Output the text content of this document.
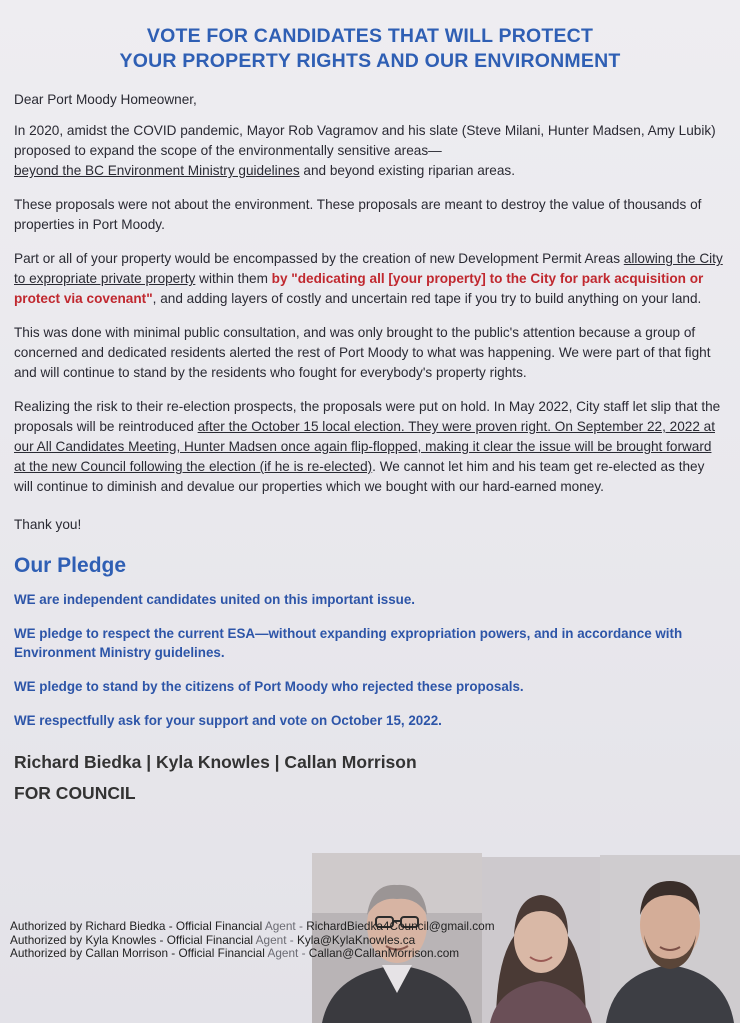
VOTE FOR CANDIDATES THAT WILL PROTECT
YOUR PROPERTY RIGHTS AND OUR ENVIRONMENT

Dear Port Moody Homeowner,

In 2020, amidst the COVID pandemic, Mayor Rob Vagramov and his slate (Steve Milani, Hunter Madsen, Amy Lubik) proposed to expand the scope of the environmentally sensitive areas—
beyond the BC Environment Ministry guidelines and beyond existing riparian areas.

These proposals were not about the environment. These proposals are meant to destroy the value of thousands of properties in Port Moody.

Part or all of your property would be encompassed by the creation of new Development Permit Areas allowing the City to expropriate private property within them by "dedicating all [your property] to the City for park acquisition or protect via covenant", and adding layers of costly and uncertain red tape if you try to build anything on your land.

This was done with minimal public consultation, and was only brought to the public's attention because a group of concerned and dedicated residents alerted the rest of Port Moody to what was happening. We were part of that fight and will continue to stand by the residents who fought for everybody's property rights.

Realizing the risk to their re-election prospects, the proposals were put on hold. In May 2022, City staff let slip that the proposals will be reintroduced after the October 15 local election. They were proven right. On September 22, 2022 at our All Candidates Meeting, Hunter Madsen once again flip-flopped, making it clear the issue will be brought forward at the new Council following the election (if he is re-elected). We cannot let him and his team get re-elected as they will continue to diminish and devalue our properties which we bought with our hard-earned money.

Thank you!

Our Pledge

WE are independent candidates united on this important issue.

WE pledge to respect the current ESA—without expanding expropriation powers, and in accordance with Environment Ministry guidelines.

WE pledge to stand by the citizens of Port Moody who rejected these proposals.

WE respectfully ask for your support and vote on October 15, 2022.

Richard Biedka | Kyla Knowles | Callan Morrison
FOR COUNCIL
Authorized by Richard Biedka - Official Financial Agent - RichardBiedka4Council@gmail.com
Authorized by Kyla Knowles - Official Financial Agent - Kyla@KylaKnowles.ca
Authorized by Callan Morrison - Official Financial Agent - Callan@CallanMorrison.com
